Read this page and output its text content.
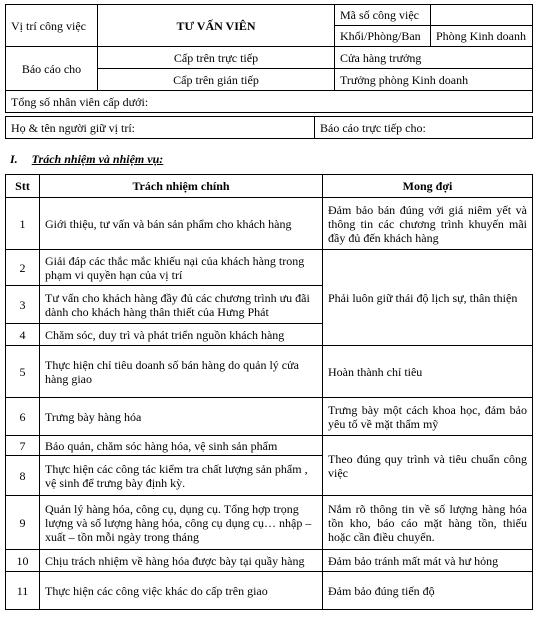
Vị trí công việc	TƯ VẤN VIÊN	Mã số công việc	
		Khối/Phòng/Ban	Phòng Kinh doanh
Báo cáo cho	Cấp trên trực tiếp	Cửa hàng trưởng	
	Cấp trên gián tiếp	Trưởng phòng Kinh doanh	
Tổng số nhân viên cấp dưới:			
Họ & tên người giữ vị trí:	Báo cáo trực tiếp cho:
I. Trách nhiệm và nhiệm vụ:
Stt	Trách nhiệm chính	Mong đợi
1	Giới thiệu, tư vấn và bán sản phẩm cho khách hàng	Đảm bảo bán đúng với giá niêm yết và thông tin các chương trình khuyến mãi đầy đủ đến khách hàng
2	Giải đáp các thắc mắc khiếu nại của khách hàng trong phạm vi quyền hạn của vị trí	Phải luôn giữ thái độ lịch sự, thân thiện
3	Tư vấn cho khách hàng đầy đủ các chương trình ưu đãi dành cho khách hàng thân thiết của Hưng Phát	
4	Chăm sóc, duy trì và phát triển nguồn khách hàng	
5	Thực hiện chỉ tiêu doanh số bán hàng do quản lý cửa hàng giao	Hoàn thành chỉ tiêu
6	Trưng bày hàng hóa	Trưng bày một cách khoa học, đảm bảo yêu tố về mặt thẩm mỹ
7	Bảo quản, chăm sóc hàng hóa, vệ sinh sản phẩm	Theo đúng quy trình và tiêu chuẩn công việc
8	Thực hiện các công tác kiểm tra chất lượng sản phẩm , vệ sinh để trưng bày định kỳ.	
9	Quản lý hàng hóa, công cụ, dụng cụ. Tổng hợp trọng lượng và số lượng hàng hóa, công cụ dụng cụ… nhập – xuất – tồn mỗi ngày trong tháng	Nắm rõ thông tin về số lượng hàng hóa tồn kho, báo cáo mặt hàng tồn, thiếu hoặc cần điều chuyển.
10	Chịu trách nhiệm về hàng hóa được bày tại quầy hàng	Đảm bảo tránh mất mát và hư hỏng
11	Thực hiện các công việc khác do cấp trên giao	Đảm bảo đúng tiến độ
